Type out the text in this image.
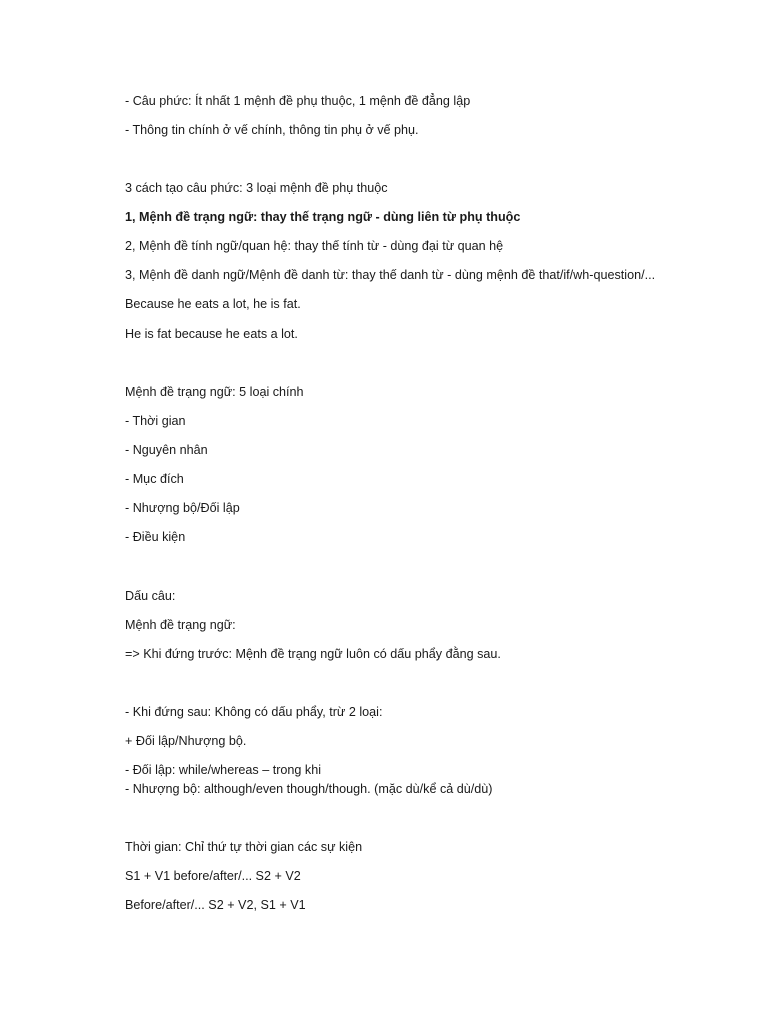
- Câu phức: Ít nhất 1 mệnh đề phụ thuộc, 1 mệnh đề đẳng lập
- Thông tin chính ở vế chính, thông tin phụ ở vế phụ.
3 cách tạo câu phức: 3 loại mệnh đề phụ thuộc
1, Mệnh đề trạng ngữ: thay thế trạng ngữ - dùng liên từ phụ thuộc
2, Mệnh đề tính ngữ/quan hệ: thay thế tính từ - dùng đại từ quan hệ
3, Mệnh đề danh ngữ/Mệnh đề danh từ: thay thế danh từ - dùng mệnh đề that/if/wh-question/...
Because he eats a lot, he is fat.
He is fat because he eats a lot.
Mệnh đề trạng ngữ: 5 loại chính
- Thời gian
- Nguyên nhân
- Mục đích
- Nhượng bộ/Đối lập
- Điều kiện
Dấu câu:
Mệnh đề trạng ngữ:
=> Khi đứng trước: Mệnh đề trạng ngữ luôn có dấu phẩy đằng sau.
- Khi đứng sau: Không có dấu phẩy, trừ 2 loại:
+ Đối lập/Nhượng bộ.
- Đối lập: while/whereas – trong khi
- Nhượng bộ: although/even though/though. (mặc dù/kể cả dù/dù)
Thời gian: Chỉ thứ tự thời gian các sự kiện
S1 + V1 before/after/... S2 + V2
Before/after/... S2 + V2, S1 + V1
